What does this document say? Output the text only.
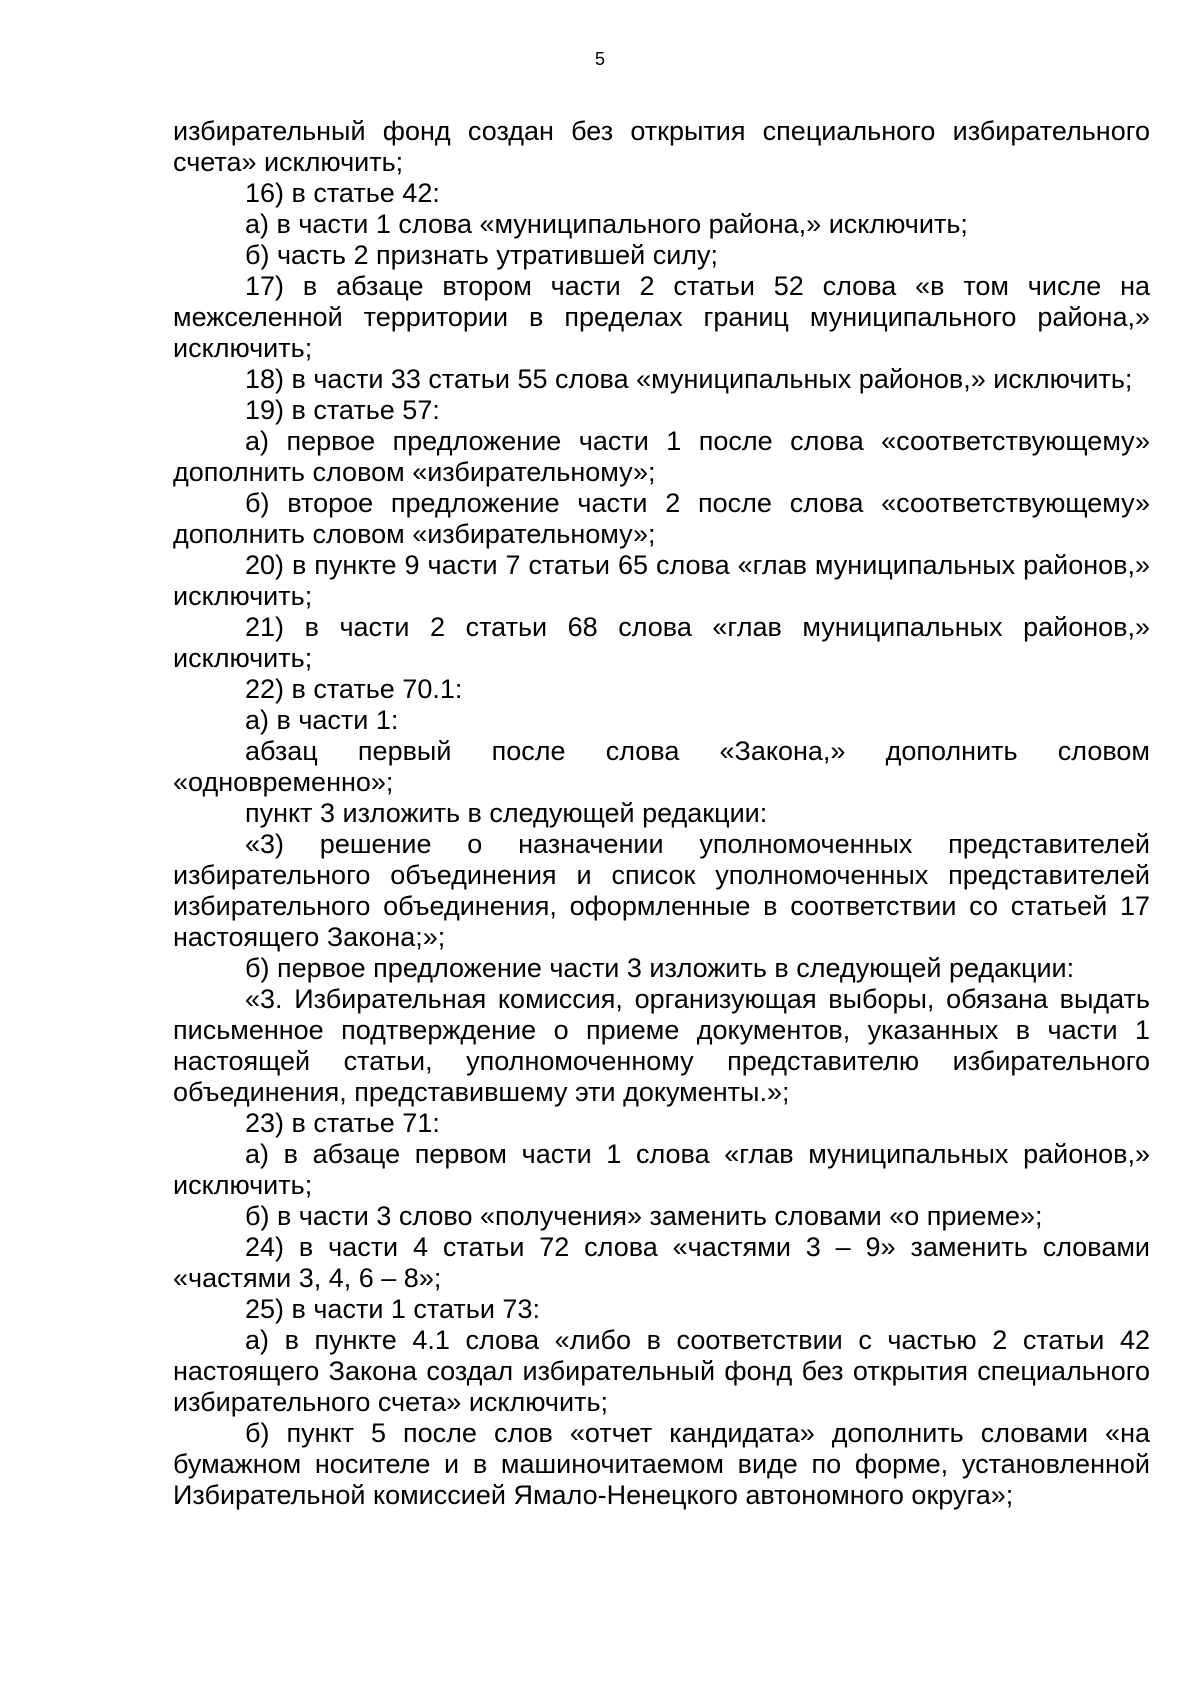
5

избирательный фонд создан без открытия специального избирательного счета» исключить;

16) в статье 42:

а) в части 1 слова «муниципального района,» исключить;

б) часть 2 признать утратившей силу;

17) в абзаце втором части 2 статьи 52 слова «в том числе на межселенной территории в пределах границ муниципального района,» исключить;

18) в части 33 статьи 55 слова «муниципальных районов,» исключить;

19) в статье 57:

а) первое предложение части 1 после слова «соответствующему» дополнить словом «избирательному»;

б) второе предложение части 2 после слова «соответствующему» дополнить словом «избирательному»;

20) в пункте 9 части 7 статьи 65 слова «глав муниципальных районов,» исключить;

21) в части 2 статьи 68 слова «глав муниципальных районов,» исключить;

22) в статье 70.1:

а) в части 1:

абзац первый после слова «Закона,» дополнить словом «одновременно»;

пункт 3 изложить в следующей редакции:

«3) решение о назначении уполномоченных представителей избирательного объединения и список уполномоченных представителей избирательного объединения, оформленные в соответствии со статьей 17 настоящего Закона;»;

б) первое предложение части 3 изложить в следующей редакции:

«3. Избирательная комиссия, организующая выборы, обязана выдать письменное подтверждение о приеме документов, указанных в части 1 настоящей статьи, уполномоченному представителю избирательного объединения, представившему эти документы.»;

23) в статье 71:

а) в абзаце первом части 1 слова «глав муниципальных районов,» исключить;

б) в части 3 слово «получения» заменить словами «о приеме»;

24) в части 4 статьи 72 слова «частями 3 – 9» заменить словами «частями 3, 4, 6 – 8»;

25) в части 1 статьи 73:

а) в пункте 4.1 слова «либо в соответствии с частью 2 статьи 42 настоящего Закона создал избирательный фонд без открытия специального избирательного счета» исключить;

б) пункт 5 после слов «отчет кандидата» дополнить словами «на бумажном носителе и в машиночитаемом виде по форме, установленной Избирательной комиссией Ямало-Ненецкого автономного округа»;
